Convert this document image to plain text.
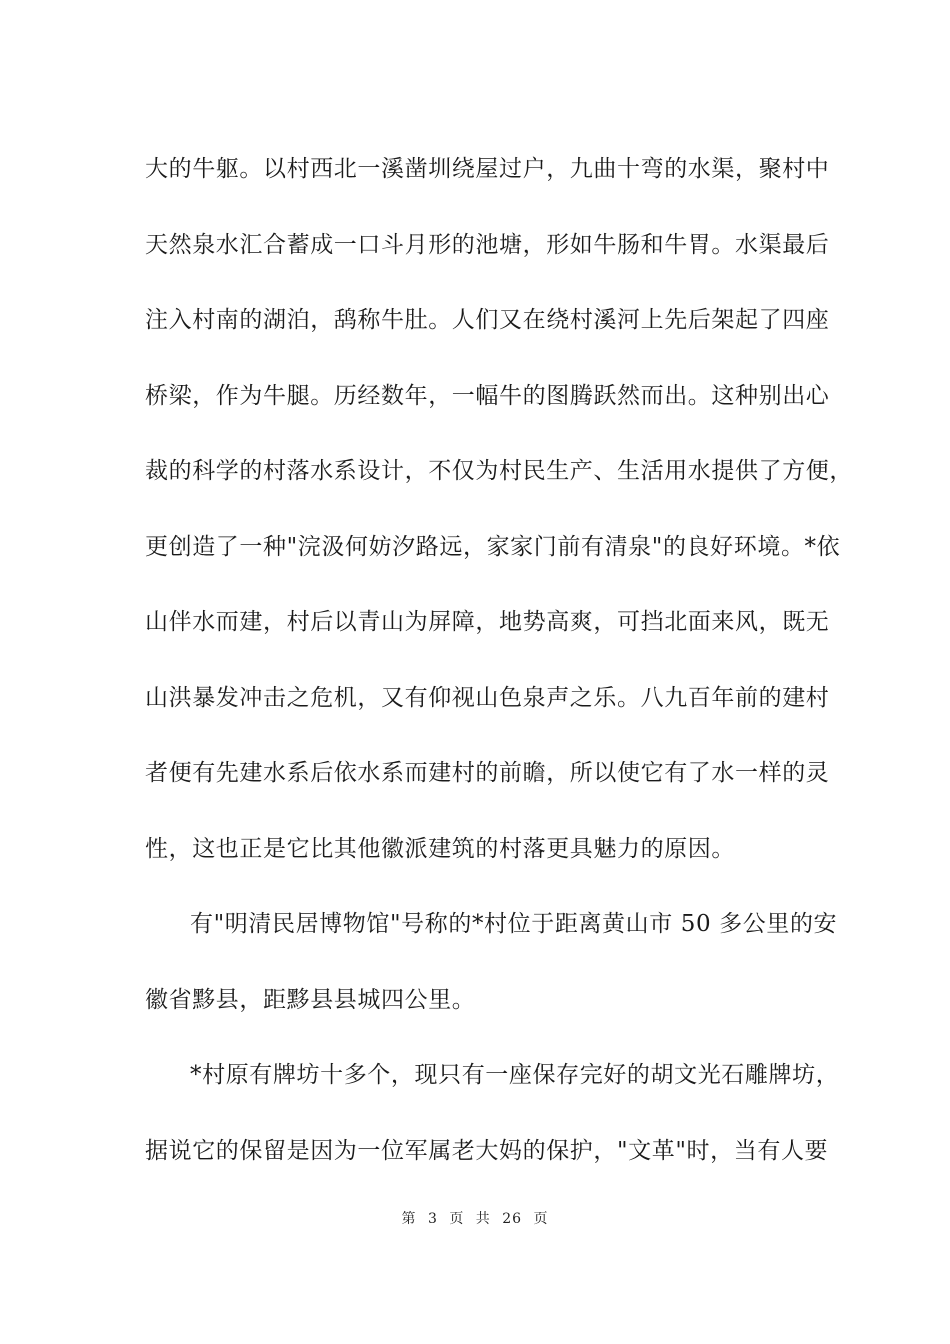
大的牛躯。以村西北一溪凿圳绕屋过户，九曲十弯的水渠，聚村中
天然泉水汇合蓄成一口斗月形的池塘，形如牛肠和牛胃。水渠最后
注入村南的湖泊，鸹称牛肚。人们又在绕村溪河上先后架起了四座
桥梁，作为牛腿。历经数年，一幅牛的图腾跃然而出。这种别出心
裁的科学的村落水系设计，不仅为村民生产、生活用水提供了方便，
更创造了一种"浣汲何妨汐路远，家家门前有清泉"的良好环境。*依
山伴水而建，村后以青山为屏障，地势高爽，可挡北面来风，既无
山洪暴发冲击之危机，又有仰视山色泉声之乐。八九百年前的建村
者便有先建水系后依水系而建村的前瞻，所以使它有了水一样的灵
性，这也正是它比其他徽派建筑的村落更具魅力的原因。
有"明清民居博物馆"号称的*村位于距离黄山市 50 多公里的安
徽省黟县，距黟县县城四公里。
*村原有牌坊十多个，现只有一座保存完好的胡文光石雕牌坊，
据说它的保留是因为一位军属老大妈的保护，"文革"时，当有人要
第 3 页 共 26 页
